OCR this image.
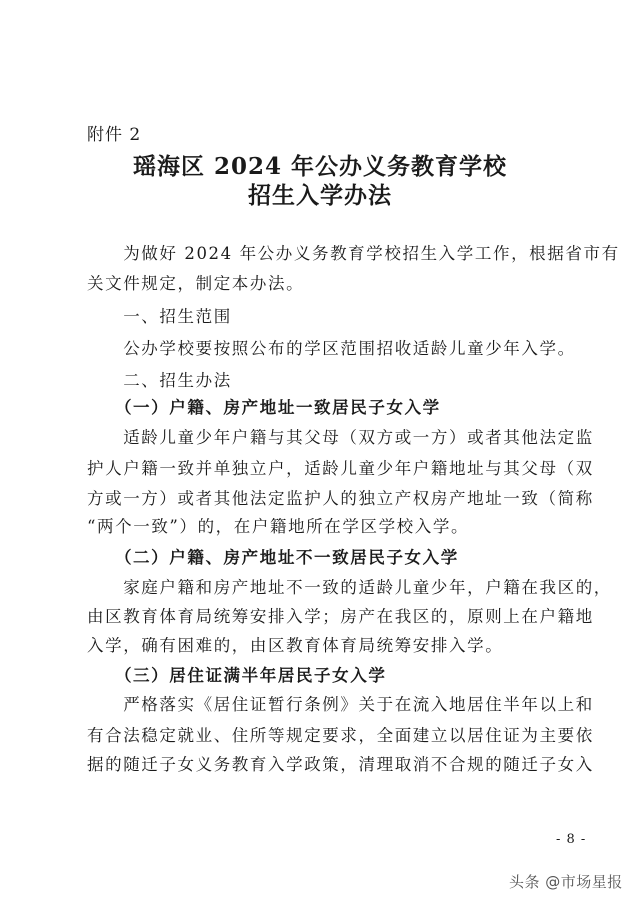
附件 2
瑶海区 2024 年公办义务教育学校
招生入学办法
　　为做好 2024 年公办义务教育学校招生入学工作，根据省市有
关文件规定，制定本办法。
　　一、招生范围
　　公办学校要按照公布的学区范围招收适龄儿童少年入学。
　　二、招生办法
　　（一）户籍、房产地址一致居民子女入学
　　适龄儿童少年户籍与其父母（双方或一方）或者其他法定监
护人户籍一致并单独立户，适龄儿童少年户籍地址与其父母（双
方或一方）或者其他法定监护人的独立产权房产地址一致（简称
“两个一致”）的，在户籍地所在学区学校入学。
　　（二）户籍、房产地址不一致居民子女入学
　　家庭户籍和房产地址不一致的适龄儿童少年，户籍在我区的，
由区教育体育局统筹安排入学；房产在我区的，原则上在户籍地
入学，确有困难的，由区教育体育局统筹安排入学。
　　（三）居住证满半年居民子女入学
　　严格落实《居住证暂行条例》关于在流入地居住半年以上和
有合法稳定就业、住所等规定要求，全面建立以居住证为主要依
据的随迁子女义务教育入学政策，清理取消不合规的随迁子女入
- 8 -
头条 @市场星报
